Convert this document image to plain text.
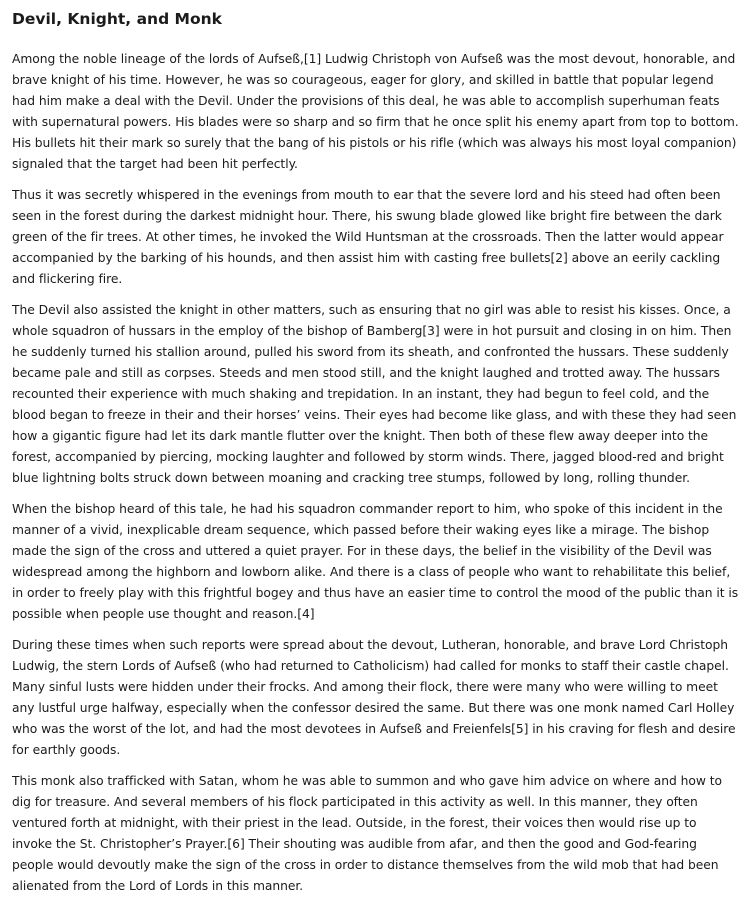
Devil, Knight, and Monk

Among the noble lineage of the lords of Aufseß,[1] Ludwig Christoph von Aufseß was the most devout, honorable, and brave knight of his time. However, he was so courageous, eager for glory, and skilled in battle that popular legend had him make a deal with the Devil. Under the provisions of this deal, he was able to accomplish superhuman feats with supernatural powers. His blades were so sharp and so firm that he once split his enemy apart from top to bottom. His bullets hit their mark so surely that the bang of his pistols or his rifle (which was always his most loyal companion) signaled that the target had been hit perfectly.

Thus it was secretly whispered in the evenings from mouth to ear that the severe lord and his steed had often been seen in the forest during the darkest midnight hour. There, his swung blade glowed like bright fire between the dark green of the fir trees. At other times, he invoked the Wild Huntsman at the crossroads. Then the latter would appear accompanied by the barking of his hounds, and then assist him with casting free bullets[2] above an eerily cackling and flickering fire.

The Devil also assisted the knight in other matters, such as ensuring that no girl was able to resist his kisses. Once, a whole squadron of hussars in the employ of the bishop of Bamberg[3] were in hot pursuit and closing in on him. Then he suddenly turned his stallion around, pulled his sword from its sheath, and confronted the hussars. These suddenly became pale and still as corpses. Steeds and men stood still, and the knight laughed and trotted away. The hussars recounted their experience with much shaking and trepidation. In an instant, they had begun to feel cold, and the blood began to freeze in their and their horses’ veins. Their eyes had become like glass, and with these they had seen how a gigantic figure had let its dark mantle flutter over the knight. Then both of these flew away deeper into the forest, accompanied by piercing, mocking laughter and followed by storm winds. There, jagged blood-red and bright blue lightning bolts struck down between moaning and cracking tree stumps, followed by long, rolling thunder.

When the bishop heard of this tale, he had his squadron commander report to him, who spoke of this incident in the manner of a vivid, inexplicable dream sequence, which passed before their waking eyes like a mirage. The bishop made the sign of the cross and uttered a quiet prayer. For in these days, the belief in the visibility of the Devil was widespread among the highborn and lowborn alike. And there is a class of people who want to rehabilitate this belief, in order to freely play with this frightful bogey and thus have an easier time to control the mood of the public than it is possible when people use thought and reason.[4]

During these times when such reports were spread about the devout, Lutheran, honorable, and brave Lord Christoph Ludwig, the stern Lords of Aufseß (who had returned to Catholicism) had called for monks to staff their castle chapel. Many sinful lusts were hidden under their frocks. And among their flock, there were many who were willing to meet any lustful urge halfway, especially when the confessor desired the same. But there was one monk named Carl Holley who was the worst of the lot, and had the most devotees in Aufseß and Freienfels[5] in his craving for flesh and desire for earthly goods.

This monk also trafficked with Satan, whom he was able to summon and who gave him advice on where and how to dig for treasure. And several members of his flock participated in this activity as well. In this manner, they often ventured forth at midnight, with their priest in the lead. Outside, in the forest, their voices then would rise up to invoke the St. Christopher’s Prayer.[6] Their shouting was audible from afar, and then the good and God-fearing people would devoutly make the sign of the cross in order to distance themselves from the wild mob that had been alienated from the Lord of Lords in this manner.
